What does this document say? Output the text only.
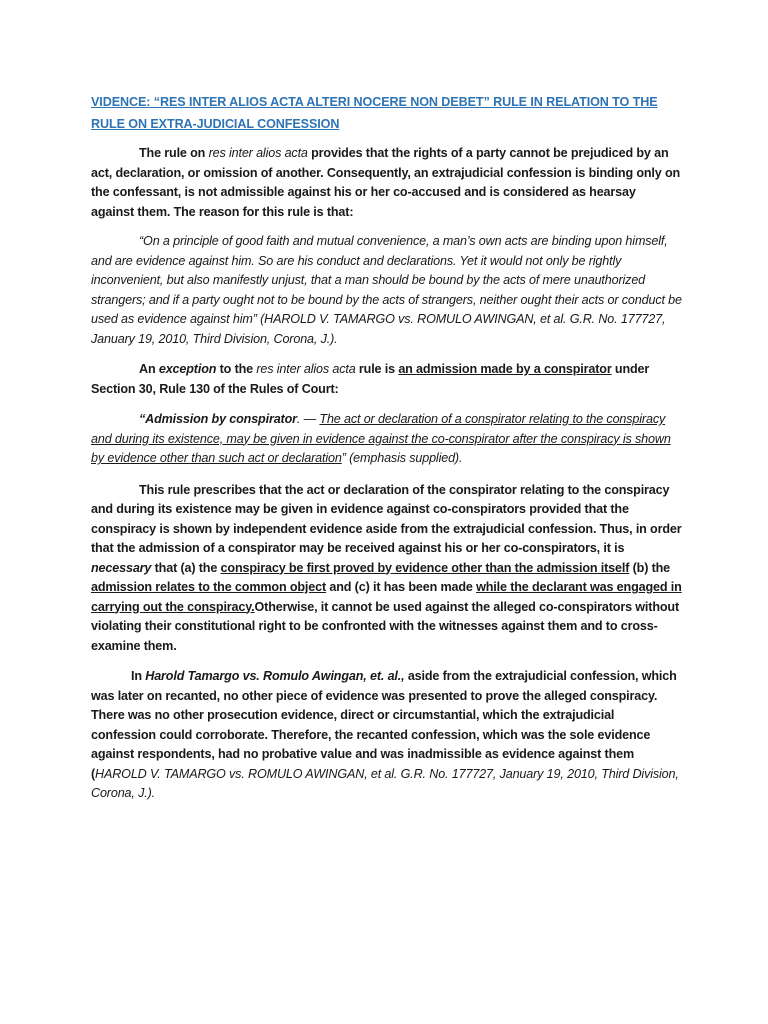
VIDENCE: “RES INTER ALIOS ACTA ALTERI NOCERE NON DEBET” RULE IN RELATION TO THE RULE ON EXTRA-JUDICIAL CONFESSION

The rule on res inter alios acta provides that the rights of a party cannot be prejudiced by an act, declaration, or omission of another. Consequently, an extrajudicial confession is binding only on the confessant, is not admissible against his or her co-accused and is considered as hearsay against them. The reason for this rule is that:

“On a principle of good faith and mutual convenience, a man’s own acts are binding upon himself, and are evidence against him. So are his conduct and declarations. Yet it would not only be rightly inconvenient, but also manifestly unjust, that a man should be bound by the acts of mere unauthorized strangers; and if a party ought not to be bound by the acts of strangers, neither ought their acts or conduct be used as evidence against him” (HAROLD V. TAMARGO vs. ROMULO AWINGAN, et al. G.R. No. 177727, January 19, 2010, Third Division, Corona, J.).

An exception to the res inter alios acta rule is an admission made by a conspirator under Section 30, Rule 130 of the Rules of Court:

“Admission by conspirator. — The act or declaration of a conspirator relating to the conspiracy and during its existence, may be given in evidence against the co-conspirator after the conspiracy is shown by evidence other than such act or declaration” (emphasis supplied).

This rule prescribes that the act or declaration of the conspirator relating to the conspiracy and during its existence may be given in evidence against co-conspirators provided that the conspiracy is shown by independent evidence aside from the extrajudicial confession. Thus, in order that the admission of a conspirator may be received against his or her co-conspirators, it is necessary that (a) the conspiracy be first proved by evidence other than the admission itself (b) the admission relates to the common object and (c) it has been made while the declarant was engaged in carrying out the conspiracy.Otherwise, it cannot be used against the alleged co-conspirators without violating their constitutional right to be confronted with the witnesses against them and to cross-examine them.

In Harold Tamargo vs. Romulo Awingan, et. al., aside from the extrajudicial confession, which was later on recanted, no other piece of evidence was presented to prove the alleged conspiracy. There was no other prosecution evidence, direct or circumstantial, which the extrajudicial confession could corroborate. Therefore, the recanted confession, which was the sole evidence against respondents, had no probative value and was inadmissible as evidence against them (HAROLD V. TAMARGO vs. ROMULO AWINGAN, et al. G.R. No. 177727, January 19, 2010, Third Division, Corona, J.).
